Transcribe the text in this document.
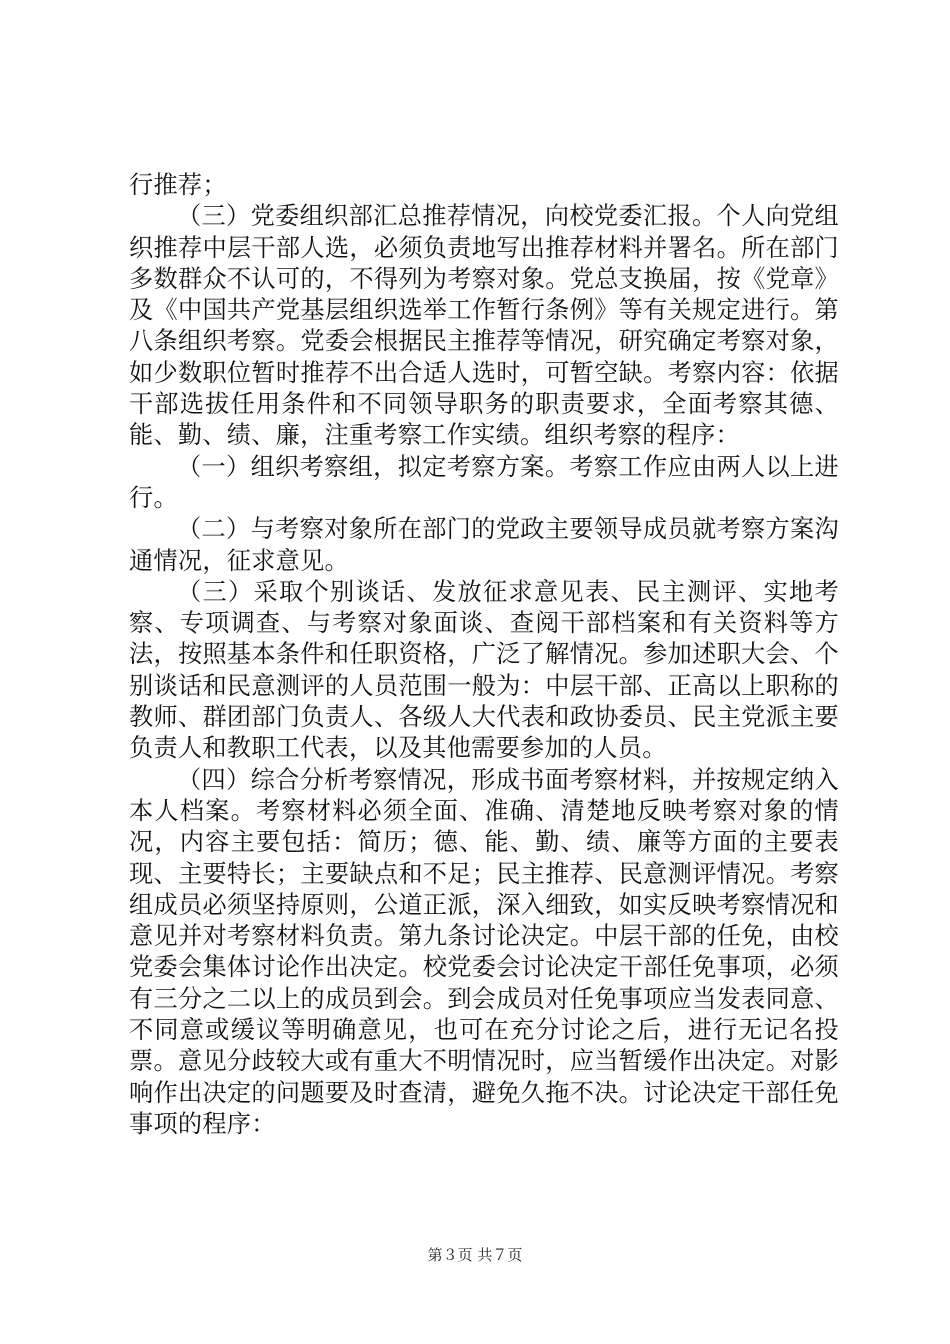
行推荐；

（三）党委组织部汇总推荐情况，向校党委汇报。个人向党组织推荐中层干部人选，必须负责地写出推荐材料并署名。所在部门多数群众不认可的，不得列为考察对象。党总支换届，按《党章》及《中国共产党基层组织选举工作暂行条例》等有关规定进行。第八条组织考察。党委会根据民主推荐等情况，研究确定考察对象，如少数职位暂时推荐不出合适人选时，可暂空缺。考察内容：依据干部选拔任用条件和不同领导职务的职责要求，全面考察其德、能、勤、绩、廉，注重考察工作实绩。组织考察的程序：

（一）组织考察组，拟定考察方案。考察工作应由两人以上进行。

（二）与考察对象所在部门的党政主要领导成员就考察方案沟通情况，征求意见。

（三）采取个别谈话、发放征求意见表、民主测评、实地考察、专项调查、与考察对象面谈、查阅干部档案和有关资料等方法，按照基本条件和任职资格，广泛了解情况。参加述职大会、个别谈话和民意测评的人员范围一般为：中层干部、正高以上职称的教师、群团部门负责人、各级人大代表和政协委员、民主党派主要负责人和教职工代表，以及其他需要参加的人员。

（四）综合分析考察情况，形成书面考察材料，并按规定纳入本人档案。考察材料必须全面、准确、清楚地反映考察对象的情况，内容主要包括：简历；德、能、勤、绩、廉等方面的主要表现、主要特长；主要缺点和不足；民主推荐、民意测评情况。考察组成员必须坚持原则，公道正派，深入细致，如实反映考察情况和意见并对考察材料负责。第九条讨论决定。中层干部的任免，由校党委会集体讨论作出决定。校党委会讨论决定干部任免事项，必须有三分之二以上的成员到会。到会成员对任免事项应当发表同意、不同意或缓议等明确意见，也可在充分讨论之后，进行无记名投票。意见分歧较大或有重大不明情况时，应当暂缓作出决定。对影响作出决定的问题要及时查清，避免久拖不决。讨论决定干部任免事项的程序：

第３页 共７页
